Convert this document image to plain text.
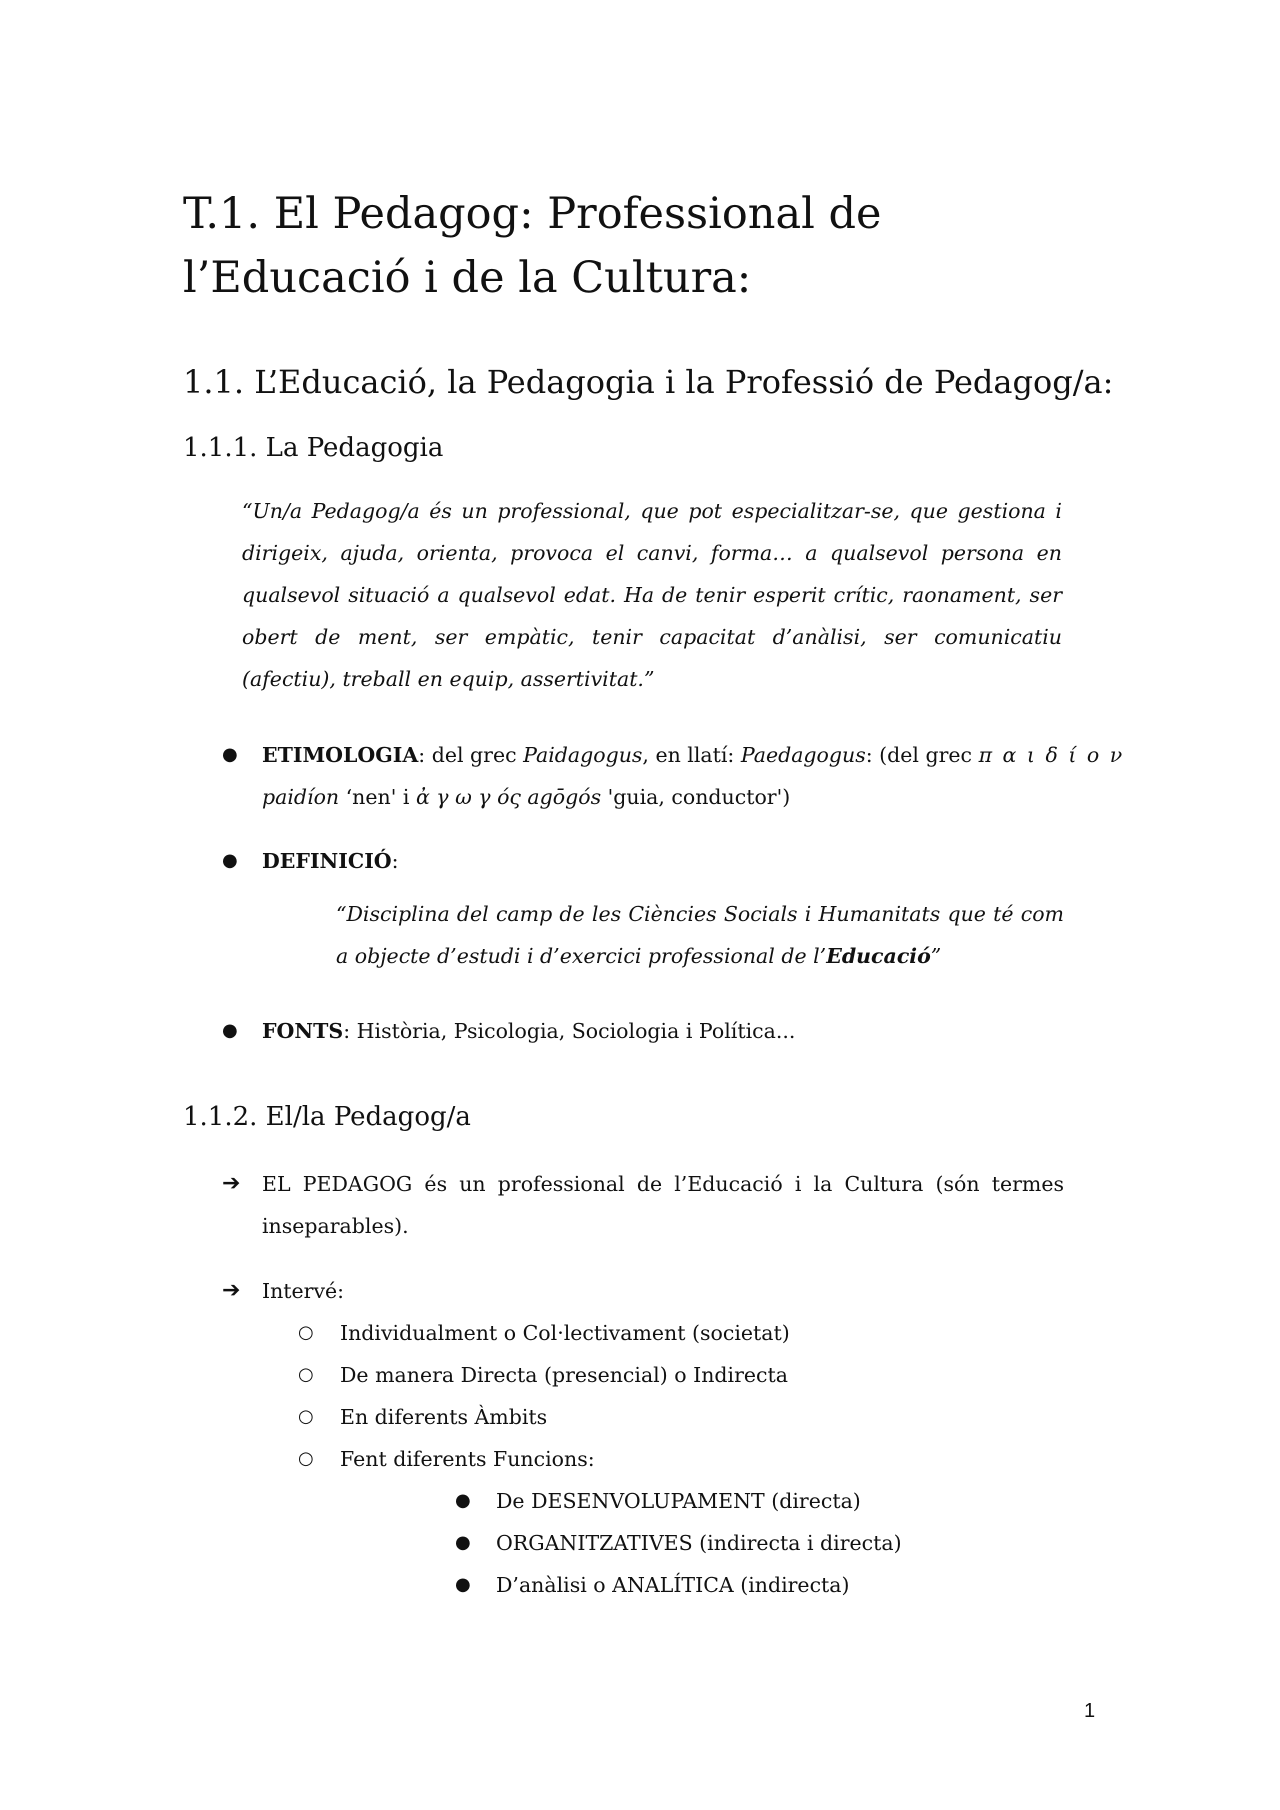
T.1. El Pedagog: Professional de l’Educació i de la Cultura:
1.1. L’Educació, la Pedagogia i la Professió de Pedagog/a:
1.1.1. La Pedagogia

“Un/a Pedagog/a és un professional, que pot especialitzar-se, que gestiona i dirigeix, ajuda, orienta, provoca el canvi, forma… a qualsevol persona en qualsevol situació a qualsevol edat. Ha de tenir esperit crític, raonament, ser obert de ment, ser empàtic, tenir capacitat d’anàlisi, ser comunicatiu (afectiu), treball en equip, assertivitat.”

● ETIMOLOGIA: del grec Paidagogus, en llatí: Paedagogus: (del grec π α ι δ ί ο ν
paidíon ‘nen' i ἀ γ ω γ ός agōgós 'guia, conductor')
● DEFINICIÓ:

“Disciplina del camp de les Ciències Socials i Humanitats que té com a objecte d’estudi i d’exercici professional de l’Educació”

● FONTS: Història, Psicologia, Sociologia i Política...
1.1.2. El/la Pedagog/a
➔ EL PEDAGOG és un professional de l’Educació i la Cultura (són termes inseparables).

➔ Intervé:

○ Individualment o Col·lectivament (societat)
○ De manera Directa (presencial) o Indirecta
○ En diferents Àmbits
○ Fent diferents Funcions:
● De DESENVOLUPAMENT (directa)
● ORGANITZATIVES (indirecta i directa)
● D’anàlisi o ANALÍTICA (indirecta)
1
